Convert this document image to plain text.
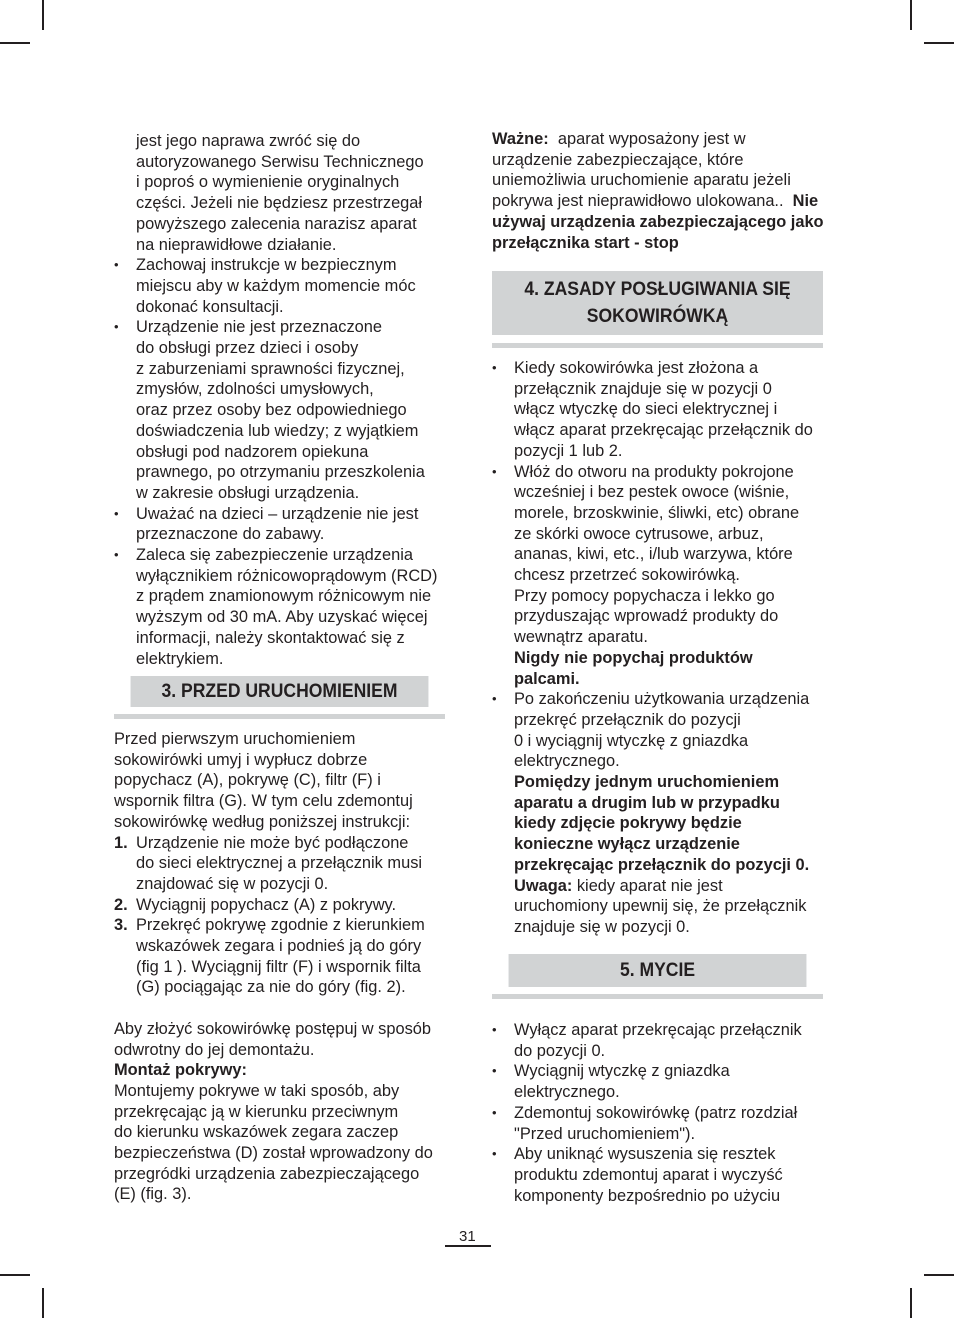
jest jego naprawa zwróć się do

autoryzowanego Serwisu Technicznego

i poproś o wymienienie oryginalnych

części. Jeżeli nie będziesz przestrzegał

powyższego zalecenia narazisz aparat

na nieprawidłowe działanie.

• Zachowaj instrukcje w bezpiecznym

miejscu aby w każdym momencie móc

dokonać konsultacji.

• Urządzenie nie jest przeznaczone

do obsługi przez dzieci i osoby

z zaburzeniami sprawności fizycznej,

zmysłów, zdolności umysłowych,

oraz przez osoby bez odpowiedniego

doświadczenia lub wiedzy; z wyjątkiem

obsługi pod nadzorem opiekuna

prawnego, po otrzymaniu przeszkolenia

w zakresie obsługi urządzenia.

• Uważać na dzieci – urządzenie nie jest

przeznaczone do zabawy.

• Zaleca się zabezpieczenie urządzenia

wyłącznikiem różnicowoprądowym (RCD)

z prądem znamionowym różnicowym nie

wyższym od 30 mA. Aby uzyskać więcej

informacji, należy skontaktować się z

elektrykiem.

3. PRZED URUCHOMIENIEM

Przed pierwszym uruchomieniem

sokowirówki umyj i wypłucz dobrze

popychacz (A), pokrywę (C), filtr (F) i

wspornik filtra (G). W tym celu zdemontuj

sokowirówkę według poniższej instrukcji:

1. Urządzenie nie może być podłączone

do sieci elektrycznej a przełącznik musi

znajdować się w pozycji 0.

2. Wyciągnij popychacz (A) z pokrywy.

3. Przekręć pokrywę zgodnie z kierunkiem

wskazówek zegara i podnieś ją do góry

(fig 1 ). Wyciągnij filtr (F) i wspornik filta

(G) pociągając za nie do góry (fig. 2).

Aby złożyć sokowirówkę postępuj w sposób

odwrotny do jej demontażu.

Montaż pokrywy:

Montujemy pokrywe w taki sposób, aby

przekręcając ją w kierunku przeciwnym

do kierunku wskazówek zegara zaczep

bezpieczeństwa (D) został wprowadzony do

przegródki urządzenia zabezpieczającego

(E) (fig. 3).

Ważne: aparat wyposażony jest w

urządzenie zabezpieczające, które

uniemożliwia uruchomienie aparatu jeżeli

pokrywa jest nieprawidłowo ulokowana.. Nie

używaj urządzenia zabezpieczającego jako

przełącznika start - stop

4. ZASADY POSŁUGIWANIA SIĘ
SOKOWIRÓWKĄ

• Kiedy sokowirówka jest złożona a

przełącznik znajduje się w pozycji 0

włącz wtyczkę do sieci elektrycznej i

włącz aparat przekręcając przełącznik do

pozycji 1 lub 2.

• Włóż do otworu na produkty pokrojone

wcześniej i bez pestek owoce (wiśnie,

morele, brzoskwinie, śliwki, etc) obrane

ze skórki owoce cytrusowe, arbuz,

ananas, kiwi, etc., i/lub warzywa, które

chcesz przetrzeć sokowirówką.

Przy pomocy popychacza i lekko go

przyduszając wprowadź produkty do

wewnątrz aparatu.

Nigdy nie popychaj produktów

palcami.

• Po zakończeniu użytkowania urządzenia

przekręć przełącznik do pozycji

0 i wyciągnij wtyczkę z gniazdka

elektrycznego.

Pomiędzy jednym uruchomieniem

aparatu a drugim lub w przypadku

kiedy zdjęcie pokrywy będzie

konieczne wyłącz urządzenie

przekręcając przełącznik do pozycji 0.

Uwaga: kiedy aparat nie jest

uruchomiony upewnij się, że przełącznik

znajduje się w pozycji 0.

5. MYCIE

• Wyłącz aparat przekręcając przełącznik

do pozycji 0.

• Wyciągnij wtyczkę z gniazdka

elektrycznego.

• Zdemontuj sokowirówkę (patrz rozdział

"Przed uruchomieniem").

• Aby uniknąć wysuszenia się resztek

produktu zdemontuj aparat i wyczyść

komponenty bezpośrednio po użyciu

31
